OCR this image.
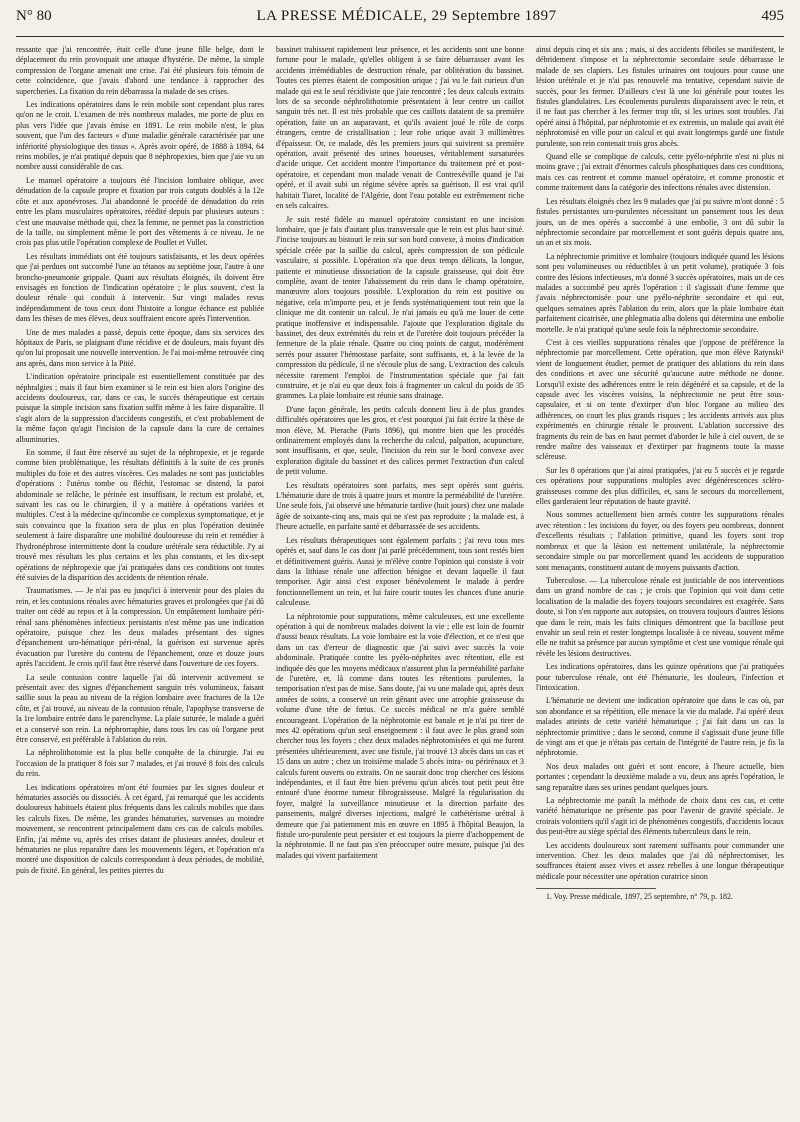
N° 80	LA PRESSE MÉDICALE, 29 Septembre 1897	495

ressante que j'ai rencontrée, était celle d'une jeune fille belge, dont le déplacement du rein provoquait une attaque d'hystérie. De même, la simple compression de l'organe amenait une crise. J'ai été plusieurs fois témoin de cette coïncidence, que j'avais d'abord une tendance à rapprocher des supercheries. La fixation du rein débarrassa la malade de ses crises.

Les indications opératoires dans le rein mobile sont cependant plus rares qu'on ne le croit. L'examen de très nombreux malades, me porte de plus en plus vers l'idée que j'avais émise en 1891. Le rein mobile n'est, le plus souvent, que l'un des facteurs « d'une maladie générale caractérisée par une infériorité physiologique des tissus ». Après avoir opéré, de 1888 à 1894, 64 reins mobiles, je n'ai pratiqué depuis que 8 néphropexies, bien que j'aie vu un nombre aussi considérable de cas.

Le manuel opératoire a toujours été l'incision lombaire oblique, avec dénudation de la capsule propre et fixation par trois catguts doublés à la 12e côte et aux aponévroses. J'ai abandonné le procédé de dénudation du rein entre les plans musculaires opératoires, réédité depuis par plusieurs auteurs : c'est une mauvaise méthode qui, chez la femme, ne permet pas la constriction de la taille, ou simplement même le port des vêtements à ce niveau. Je ne crois pas plus utile l'opération complexe de Poullet et Vullet.

Les résultats immédiats ont été toujours satisfaisants, et les deux opérées que j'ai perdues ont succombé l'une au tétanos au septième jour, l'autre à une broncho-pneumonie grippale. Quant aux résultats éloignés, ils doivent être envisagés en fonction de l'indication opératoire ; le plus souvent, c'est la douleur rénale qui conduit à intervenir. Sur vingt malades revus indépendamment de tous ceux dont l'histoire a longue échance est publiée dans les thèses de mes élèves, deux souffraient encore après l'intervention.

Une de mes malades a passé, depuis cette époque, dans six services des hôpitaux de Paris, se plaignant d'une récidive et de douleurs, mais fuyant dès qu'on lui proposait une nouvelle intervention. Je l'ai moi-même retrouvée cinq ans après, dans mon service à la Pitié.

L'indication opératoire principale est essentiellement constituée par des néphralgies ; mais il faut bien examiner si le rein est bien alors l'origine des accidents douloureux, car, dans ce cas, le succès thérapeutique est certain puisque la simple incision sans fixation suffit même à les faire disparaître. Il s'agit alors de la suppression d'accidents congestifs, et c'est probablement de la même façon qu'agit l'incision de la capsule dans la cure de certaines albuminuries.

En somme, il faut être réservé au sujet de la néphropexie, et je regarde comme bien problématique, les résultats définitifs à la suite de ces pronès multiples du foie et des autres viscères. Ces malades ne sont pas justiciables d'opérations : l'utérus tombe ou fléchit, l'estomac se distend, la paroi abdominale se relâche, le périnée est insuffisant, le rectum est prolabé, et, suivant les cas ou le chirurgien, il y a matière à opérations variées et multiples. C'est à la médecine qu'incombe ce complexus symptomatique, et je suis convaincu que la fixation sera de plus en plus l'opération destinée seulement à faire disparaître une mobilité douloureuse du rein et remédier à l'hydronéphrose intermittente dont la coudure urétérale sera réductible. J'y ai trouvé mes résultats les plus certains et les plus constants, et les dix-sept opérations de néphropexie que j'ai pratiquées dans ces conditions ont toutes été suivies de la disparition des accidents de rétention rénale.

Traumatismes. — Je n'ai pas eu jusqu'ici à intervenir pour des plaies du rein, et les contusions rénales avec hématuries graves et prolongées que j'ai dû traiter ont cédé au repos et à la compression. Un empâtement lombaire péri-rénal sans phénomènes infectieux persistants n'est même pas une indication opératoire, puisque chez les deux malades présentant des signes d'épanchement uro-hématique péri-rénal, la guérison est survenue après évacuation par l'uretère du contenu de l'épanchement, onze et douze jours après l'accident. Je crois qu'il faut être réservé dans l'ouverture de ces foyers.

La seule contusion contre laquelle j'ai dû intervenir activement se présentait avec des signes d'épanchement sanguin très volumineux, faisant saillie sous la peau au niveau de la région lombaire avec fractures de la 12e côte, et j'ai trouvé, au niveau de la contusion rénale, l'apophyse transverse de la 1re lombaire entrée dans le parenchyme. La plaie suturée, le malade a guéri et a conservé son rein. La néphrorraphie, dans tous les cas où l'organe peut être conservé, est préférable à l'ablation du rein.

La néphrolithotomie est la plus belle conquête de la chirurgie. J'ai eu l'occasion de la pratiquer 8 fois sur 7 malades, et j'ai trouvé 8 fois des calculs du rein.

Les indications opératoires m'ont été fournies par les signes douleur et hématuries associés ou dissociés. À cet égard, j'ai remarqué que les accidents douloureux habituels étaient plus fréquents dans les calculs mobiles que dans les calculs fixes. De même, les grandes hématuries, survenues au moindre mouvement, se rencontrent principalement dans ces cas de calculs mobiles. Enfin, j'ai même vu, après des crises datant de plusieurs années, douleur et hématuries ne plus reparaître dans les mouvements légers, et l'opération m'a montré une disposition de calculs correspondant à deux périodes, de mobilité, puis de fixité. En général, les petites pierres du

bassinet trahissent rapidement leur présence, et les accidents sont une bonne fortune pour le malade, qu'elles obligent à se faire débarrasser avant les accidents irrémédiables de destruction rénale, par oblitération du bassinet. Toutes ces pierres étaient de composition urique ; j'ai vu le fait curieux d'un malade qui est le seul récidiviste que j'aie rencontré ; les deux calculs extraits lors de sa seconde néphrolithotomie présentaient à leur centre un caillot sanguin très net. Il est très probable que ces caillots dataient de sa première opération, faite un an auparavant, et qu'ils avaient joué le rôle de corps étrangers, centre de cristallisation ; leur robe urique avait 3 millimètres d'épaisseur. Or, ce malade, dès les premiers jours qui suivirent sa première opération, avait présenté des urines boueuses, véritablement sursaturées d'acide urique. Cet accident montre l'importance du traitement pré et post-opératoire, et cependant mon malade venait de Contrexéville quand je l'ai opéré, et il avait subi un régime sévère après sa guérison. Il est vrai qu'il habitait Tiaret, localité de l'Algérie, dont l'eau potable est extrêmement riche en sels calcaires.

Je suis resté fidèle au manuel opératoire consistant en une incision lombaire, que je fais d'autant plus transversale que le rein est plus haut situé. J'incise toujours au bistouri le rein sur son bord convexe, à moins d'indication spéciale créée par la saillie du calcul, après compression de son pédicule vasculaire, si possible. L'opération n'a que deux temps délicats, la longue, patiente et minutieuse dissociation de la capsule graisseuse, qui doit être complète, avant de tenter l'abaissement du rein dans le champ opératoire, manœuvre alors toujours possible. L'exploration du rein est positive ou négative, cela m'importe peu, et je fends systématiquement tout rein que la clinique me dit contenir un calcul. Je n'ai jamais eu qu'à me louer de cette pratique inoffensive et indispensable. J'ajoute que l'exploration digitale du bassinet, des deux extrémités du rein et de l'uretère doit toujours précéder la fermeture de la plaie rénale. Quatre ou cinq points de catgut, modérément serrés pour assurer l'hémostase parfaite, sont suffisants, et, à la levée de la compression du pédicule, il ne s'écoule plus de sang. L'extraction des calculs nécessite rarement l'emploi de l'instrumentation spéciale que j'ai fait construire, et je n'ai eu que deux fois à fragmenter un calcul du poids de 35 grammes. La plaie lombaire est réunie sans drainage.

D'une façon générale, les petits calculs donnent lieu à de plus grandes difficultés opératoires que les gros, et c'est pourquoi j'ai fait écrire la thèse de mon élève, M. Pierache (Paris 1896), qui montre bien que les procédés ordinairement employés dans la recherche du calcul, palpation, acupuncture, sont insuffisants, et que, seule, l'incision du rein sur le bord convexe avec exploration digitale du bassinet et des calices permet l'extraction d'un calcul de petit volume.

Les résultats opératoires sont parfaits, mes sept opérés sont guéris. L'hématurie dure de trois à quatre jours et montre la perméabilité de l'uretère. Une seule fois, j'ai observé une hématurie tardive (huit jours) chez une malade âgée de soixante-cinq ans, mais qui ne s'est pas reproduite ; la malade est, à l'heure actuelle, en parfaite santé et débarrassée de ses accidents.

Les résultats thérapeutiques sont également parfaits ; j'ai revu tous mes opérés et, sauf dans le cas dont j'ai parlé précédemment, tous sont restés bien et définitivement guéris. Aussi je m'élève contre l'opinion qui consiste à voir dans la lithiase rénale une affection bénigne et devant laquelle il faut temporiser. Agir ainsi c'est exposer bénévolement le malade à perdre fonctionnellement un rein, et lui faire courir toutes les chances d'une anurie calculeuse.

La néphrotomie pour suppurations, même calculeuses, est une excellente opération à qui de nombreux malades doivent la vie ; elle est loin de fournir d'aussi beaux résultats. La voie lombaire est la voie d'élection, et ce n'est que dans un cas d'erreur de diagnostic que j'ai suivi avec succès la voie abdominale. Pratiquée contre les pyélo-néphrites avec rétention, elle est indiquée dès que les moyens médicaux n'assurent plus la perméabilité parfaite de l'uretère, et, là comme dans toutes les rétentions purulentes, la temporisation n'est pas de mise. Sans doute, j'ai vu une malade qui, après deux années de soins, a conservé un rein gênant avec une atrophie graisseuse du volume d'une tête de fœtus. Ce succès médical ne m'a guère semblé encourageant. L'opération de la néphrotomie est banale et je n'ai pu tirer de mes 42 opérations qu'un seul enseignement : il faut avec le plus grand soin chercher tous les foyers ; chez deux malades néphrotomisées et qui me furent présentées ultérieurement, avec une fistule, j'ai trouvé 13 abcès dans un cas et 15 dans un autre ; chez un troisième malade 5 abcès intra- ou périrénaux et 3 calculs furent ouverts ou extraits. On ne saurait donc trop chercher ces lésions indépendantes, et il faut être bien prévenu qu'un abcès tout petit peut être entouré d'une énorme tumeur fibrograisseuse. Malgré la régularisation du foyer, malgré la surveillance minutieuse et la direction parfaite des pansements, malgré diverses injections, malgré le cathétérisme urétral à demeure que j'ai patiemment mis en œuvre en 1895 à l'hôpital Beaujon, la fistule uro-purulente peut persister et est toujours la pierre d'achoppement de la néphrotomie. Il ne faut pas s'en préoccuper outre mesure, puisque j'ai des malades qui vivent parfaitement

ainsi depuis cinq et six ans ; mais, si des accidents fébriles se manifestent, le débridement s'impose et la néphrectomie secondaire seule débarrasse le malade de ses clapiers. Les fistules urinaires ont toujours pour cause une lésion urétérale et je n'ai pas renouvelé ma tentative, cependant suivie de succès, pour les fermer. D'ailleurs c'est là une loi générale pour toutes les fistules glandulaires. Les écoulements purulents disparaissent avec le rein, et il ne faut pas chercher à les fermer trop tôt, si les urines sont troubles. J'ai opéré ainsi à l'hôpital, par néphrotomie et ex extremis, un malade qui avait été néphrotomisé en ville pour un calcul et qui avait longtemps gardé une fistule purulente, son rein contenait trois gros abcès.

Quand elle se complique de calculs, cette pyélo-néphrite n'est ni plus ni moins grave ; j'ai extrait d'énormes calculs phosphatiques dans ces conditions, mais ces cas rentrent et comme manuel opératoire, et comme pronostic et comme traitement dans la catégorie des infections rénales avec distension.

Les résultats éloignés chez les 9 malades que j'ai pu suivre m'ont donné : 5 fistules persistantes uro-purulentes nécessitant un pansement tous les deux jours, un de mes opérés a succombé à une embolie, 3 ont dû subir la néphrectomie secondaire par morcellement et sont guéris depuis quatre ans, un an et six mois.

La néphrectomie primitive et lombaire (toujours indiquée quand les lésions sont peu volumineuses ou réductibles à un petit volume), pratiquée 3 fois contre des lésions infectieuses, m'a donné 3 succès opératoires, mais un de ces malades a succombé peu après l'opération : il s'agissait d'une femme que j'avais néphrectomisée pour une pyélo-néphrite secondaire et qui eut, quelques semaines après l'ablation du rein, alors que la plaie lombaire était parfaitement cicatrisée, une phlegmatia alba dolens qui détermina une embolie mortelle. Je n'ai pratiqué qu'une seule fois la néphrectomie secondaire.

C'est à ces vieilles suppurations rénales que j'oppose de préférence la néphrectomie par morcellement. Cette opération, que mon élève Ratynski¹ vient de longuement étudier, permet de pratiquer des ablations du rein dans des conditions et avec une sécurité qu'aucune autre méthode ne donne. Lorsqu'il existe des adhérences entre le rein dégénéré et sa capsule, et de la capsule avec les viscères voisins, la néphrectomie ne peut être sous-capsulaire, et si on tente d'extirper d'un bloc l'organe au milieu des adhérences, on court les plus grands risques ; les accidents arrivés aux plus expérimentés en chirurgie rénale le prouvent. L'ablation successive des fragments du rein de bas en haut permet d'aborder le hile à ciel ouvert, de se rendre maître des vaisseaux et d'extirper par fragments toute la masse scléreuse.

Sur les 8 opérations que j'ai ainsi pratiquées, j'ai eu 5 succès et je regarde ces opérations pour suppurations multiples avec dégénérescences scléro-graisseuses comme des plus difficiles, et, sans le secours du morcellement, elles garderaient leur réputation de haute gravité.

Nous sommes actuellement bien armés contre les suppurations rénales avec rétention : les incisions du foyer, ou des foyers peu nombreux, donnent d'excellents résultats ; l'ablation primitive, quand les foyers sont trop nombreux et que la lésion est nettement unilatérale, la néphrectomie secondaire simple ou par morcellement quand les accidents de suppuration sont menaçants, constituent autant de moyens puissants d'action.

Tuberculose. — La tuberculose rénale est justiciable de nos interventions dans un grand nombre de cas ; je crois que l'opinion qui voit dans cette localisation de la maladie des foyers toujours secondaires est exagérée. Sans doute, si l'on s'en rapporte aux autopsies, on trouvera toujours d'autres lésions que dans le rein, mais les faits cliniques démontrent que la bacillose peut envahir un seul rein et rester longtemps localisée à ce niveau, souvent même elle ne trahit sa présence par aucun symptôme et c'est une vomique rénale qui révèle les lésions destructives.

Les indications opératoires, dans les quinze opérations que j'ai pratiquées pour tuberculose rénale, ont été l'hématurie, les douleurs, l'infection et l'intoxication.

L'hématurie ne devient une indication opératoire que dans le cas où, par son abondance et sa répétition, elle menace la vie du malade. J'ai opéré deux malades atteints de cette variété hématurique ; j'ai fait dans un cas la néphrectomie primitive ; dans le second, comme il s'agissait d'une jeune fille de vingt ans et que je n'étais pas certain de l'intégrité de l'autre rein, je fis la néphrotomie.

Nos deux malades ont guéri et sont encore, à l'heure actuelle, bien portantes ; cependant la deuxième malade a vu, deux ans après l'opération, le sang reparaître dans ses urines pendant quelques jours.

La néphrectomie me paraît la méthode de choix dans ces cas, et cette variété hématurique ne présente pas pour l'avenir de gravité spéciale. Je croirais volontiers qu'il s'agit ici de phénomènes congestifs, d'accidents locaux dus peut-être au siège spécial des éléments tuberculeux dans le rein.

Les accidents douloureux sont rarement suffisants pour commander une intervention. Chez les deux malades que j'ai dû néphrectomiser, les souffrances étaient assez vives et assez rebelles à une longue thérapeutique médicale pour nécessiter une opération curatrice sinon

1. Voy. Presse médicale, 1897, 25 septembre, n° 79, p. 182.
